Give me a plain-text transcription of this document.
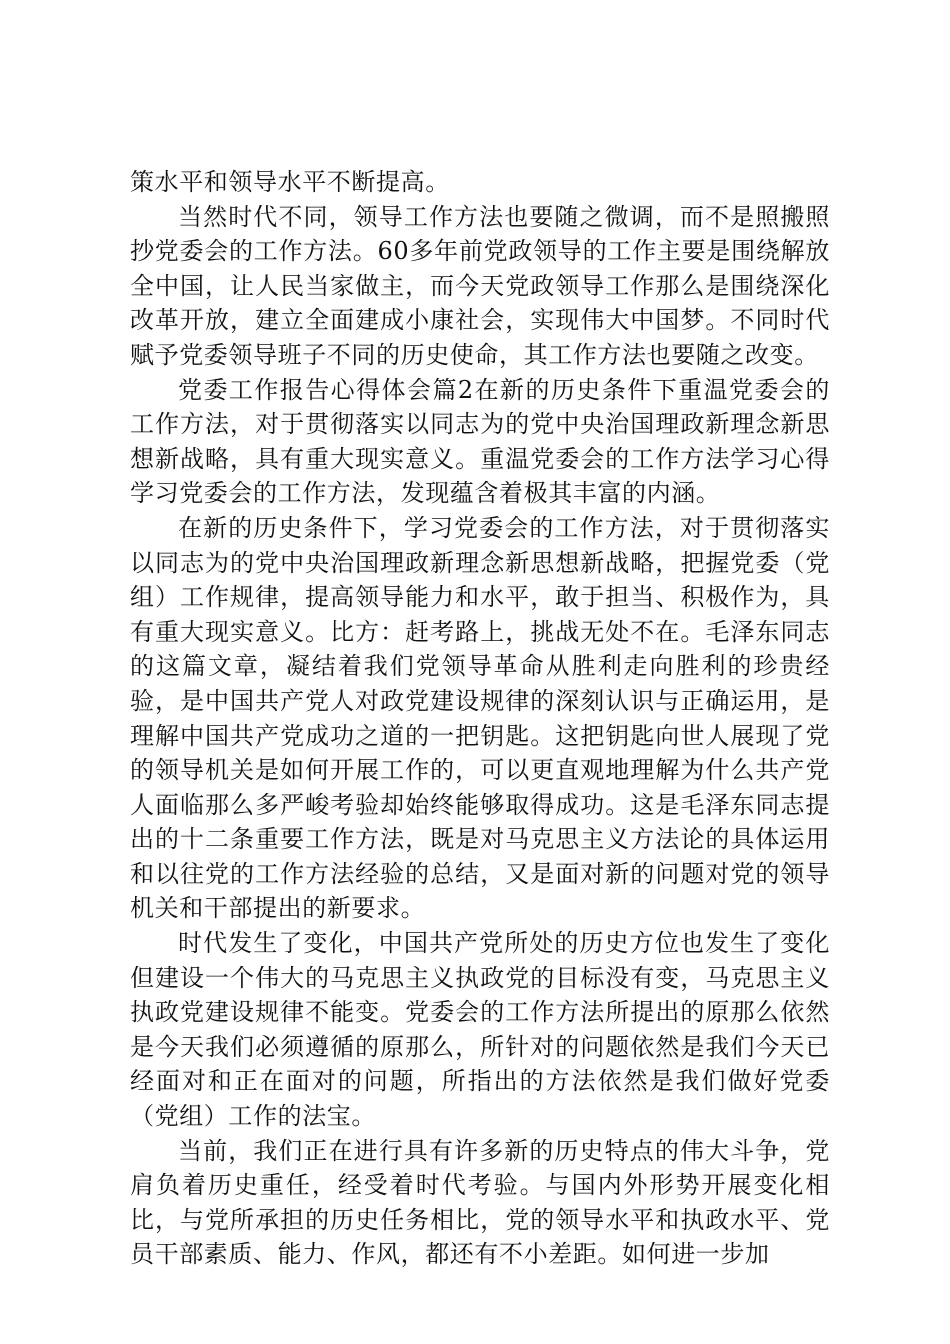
策水平和领导水平不断提高。

当然时代不同，领导工作方法也要随之微调，而不是照搬照抄党委会的工作方法。60多年前党政领导的工作主要是围绕解放全中国，让人民当家做主，而今天党政领导工作那么是围绕深化改革开放，建立全面建成小康社会，实现伟大中国梦。不同时代赋予党委领导班子不同的历史使命，其工作方法也要随之改变。

党委工作报告心得体会篇2在新的历史条件下重温党委会的工作方法，对于贯彻落实以同志为的党中央治国理政新理念新思想新战略，具有重大现实意义。重温党委会的工作方法学习心得学习党委会的工作方法，发现蕴含着极其丰富的内涵。

在新的历史条件下，学习党委会的工作方法，对于贯彻落实以同志为的党中央治国理政新理念新思想新战略，把握党委（党组）工作规律，提高领导能力和水平，敢于担当、积极作为，具有重大现实意义。比方：赶考路上，挑战无处不在。毛泽东同志的这篇文章，凝结着我们党领导革命从胜利走向胜利的珍贵经验，是中国共产党人对政党建设规律的深刻认识与正确运用，是理解中国共产党成功之道的一把钥匙。这把钥匙向世人展现了党的领导机关是如何开展工作的，可以更直观地理解为什么共产党人面临那么多严峻考验却始终能够取得成功。这是毛泽东同志提出的十二条重要工作方法，既是对马克思主义方法论的具体运用和以往党的工作方法经验的总结，又是面对新的问题对党的领导机关和干部提出的新要求。

时代发生了变化，中国共产党所处的历史方位也发生了变化但建设一个伟大的马克思主义执政党的目标没有变，马克思主义执政党建设规律不能变。党委会的工作方法所提出的原那么依然是今天我们必须遵循的原那么，所针对的问题依然是我们今天已经面对和正在面对的问题，所指出的方法依然是我们做好党委（党组）工作的法宝。

当前，我们正在进行具有许多新的历史特点的伟大斗争，党肩负着历史重任，经受着时代考验。与国内外形势开展变化相比，与党所承担的历史任务相比，党的领导水平和执政水平、党员干部素质、能力、作风，都还有不小差距。如何进一步加
